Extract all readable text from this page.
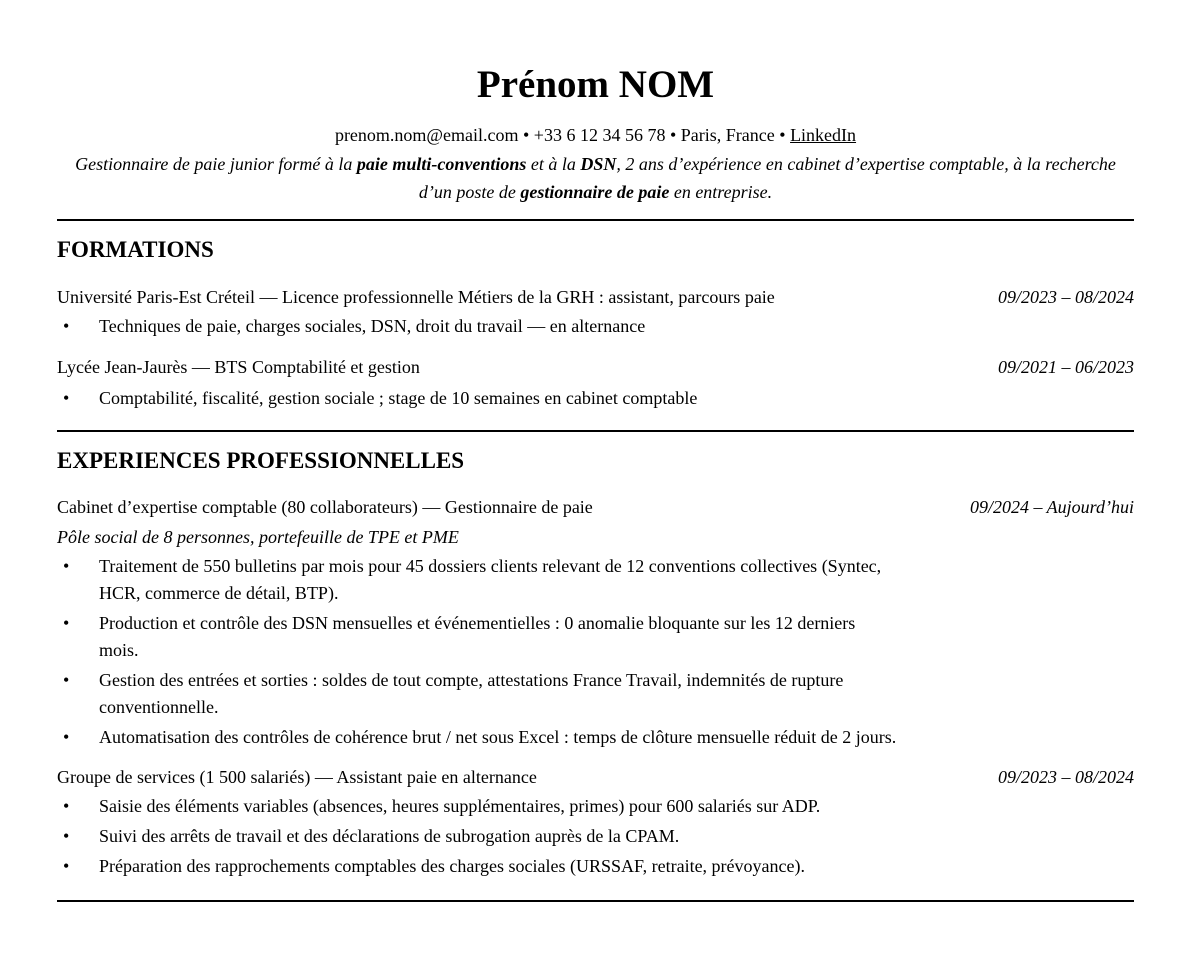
Prénom NOM
prenom.nom@email.com • +33 6 12 34 56 78 • Paris, France • LinkedIn
Gestionnaire de paie junior formé à la paie multi-conventions et à la DSN, 2 ans d’expérience en cabinet d’expertise comptable, à la recherche d’un poste de gestionnaire de paie en entreprise.
FORMATIONS
Université Paris-Est Créteil — Licence professionnelle Métiers de la GRH : assistant, parcours paie	09/2023 – 08/2024
• Techniques de paie, charges sociales, DSN, droit du travail — en alternance
Lycée Jean-Jaurès — BTS Comptabilité et gestion	09/2021 – 06/2023
• Comptabilité, fiscalité, gestion sociale ; stage de 10 semaines en cabinet comptable
EXPERIENCES PROFESSIONNELLES
Cabinet d’expertise comptable (80 collaborateurs) — Gestionnaire de paie	09/2024 – Aujourd’hui
Pôle social de 8 personnes, portefeuille de TPE et PME
• Traitement de 550 bulletins par mois pour 45 dossiers clients relevant de 12 conventions collectives (Syntec, HCR, commerce de détail, BTP).
• Production et contrôle des DSN mensuelles et événementielles : 0 anomalie bloquante sur les 12 derniers mois.
• Gestion des entrées et sorties : soldes de tout compte, attestations France Travail, indemnités de rupture conventionnelle.
• Automatisation des contrôles de cohérence brut / net sous Excel : temps de clôture mensuelle réduit de 2 jours.
Groupe de services (1 500 salariés) — Assistant paie en alternance	09/2023 – 08/2024
• Saisie des éléments variables (absences, heures supplémentaires, primes) pour 600 salariés sur ADP.
• Suivi des arrêts de travail et des déclarations de subrogation auprès de la CPAM.
• Préparation des rapprochements comptables des charges sociales (URSSAF, retraite, prévoyance).
